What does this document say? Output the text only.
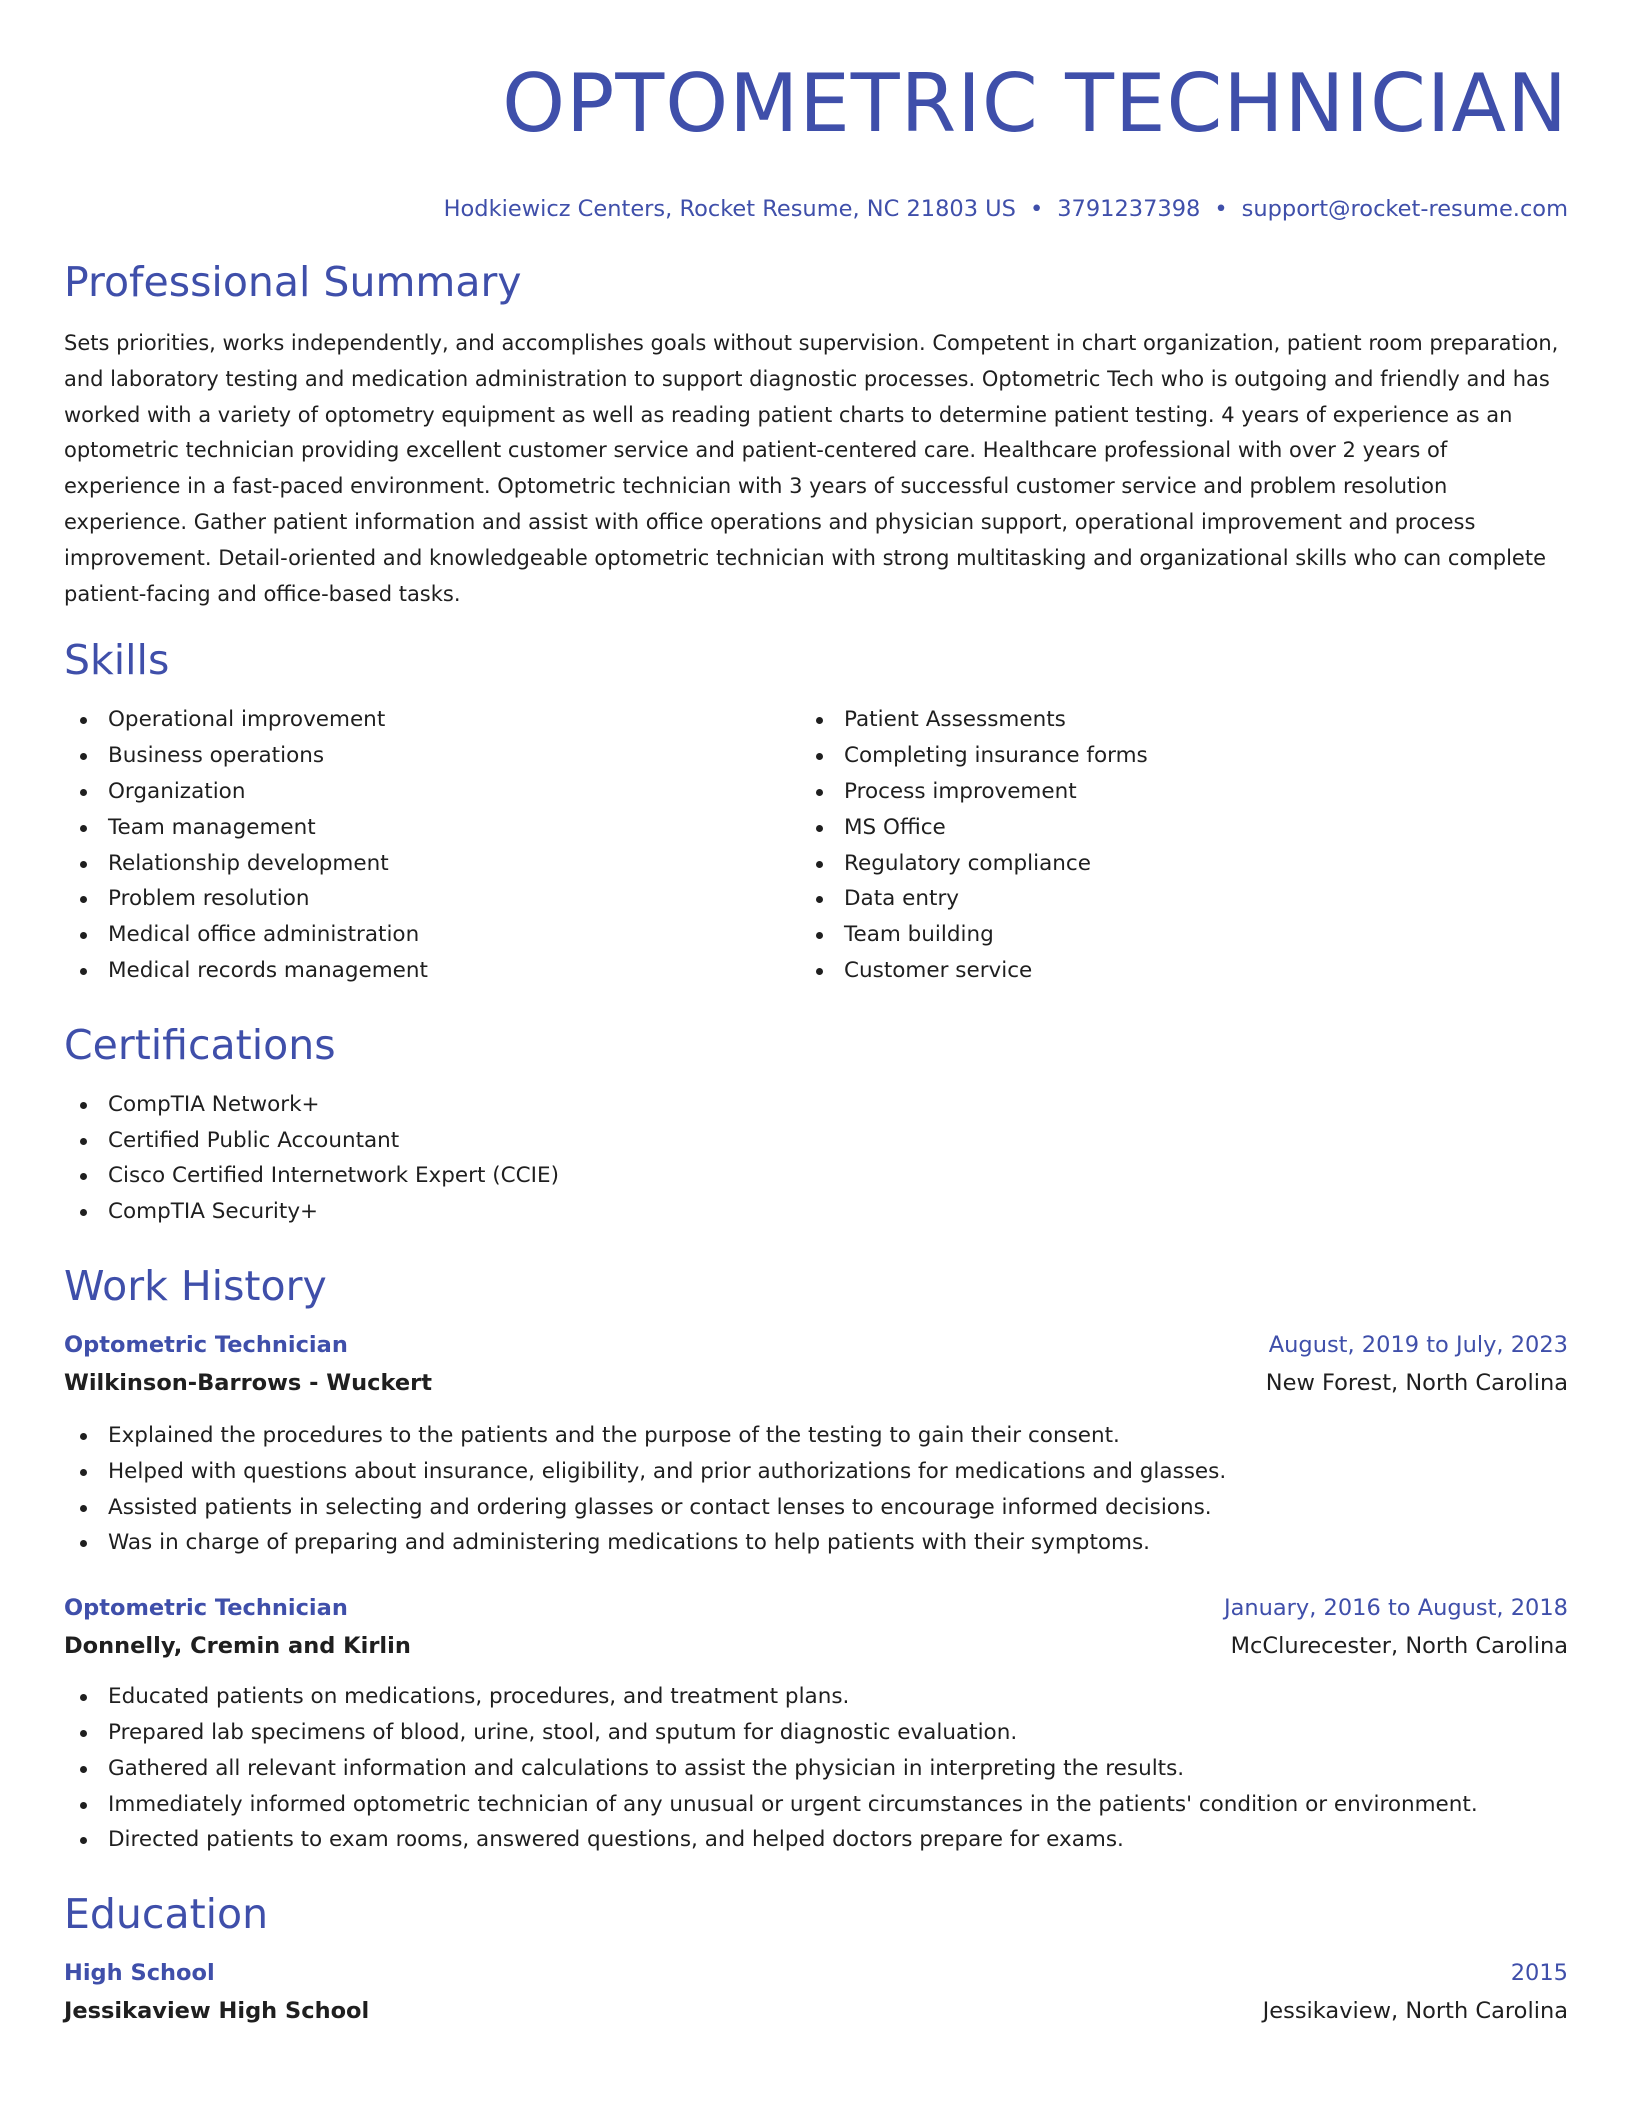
OPTOMETRIC TECHNICIAN
Hodkiewicz Centers, Rocket Resume, NC 21803 US • 3791237398 • support@rocket-resume.com
Professional Summary

Sets priorities, works independently, and accomplishes goals without supervision. Competent in chart organization, patient room preparation, and laboratory testing and medication administration to support diagnostic processes. Optometric Tech who is outgoing and friendly and has worked with a variety of optometry equipment as well as reading patient charts to determine patient testing. 4 years of experience as an optometric technician providing excellent customer service and patient-centered care. Healthcare professional with over 2 years of experience in a fast-paced environment. Optometric technician with 3 years of successful customer service and problem resolution experience. Gather patient information and assist with office operations and physician support, operational improvement and process improvement. Detail-oriented and knowledgeable optometric technician with strong multitasking and organizational skills who can complete patient-facing and office-based tasks.

Skills
Operational improvement
Business operations
Organization
Team management
Relationship development
Problem resolution
Medical office administration
Medical records management
Patient Assessments
Completing insurance forms
Process improvement
MS Office
Regulatory compliance
Data entry
Team building
Customer service
Certifications
CompTIA Network+
Certified Public Accountant
Cisco Certified Internetwork Expert (CCIE)
CompTIA Security+
Work History
Optometric Technician	August, 2019 to July, 2023
Wilkinson-Barrows - Wuckert	New Forest, North Carolina
Explained the procedures to the patients and the purpose of the testing to gain their consent.
Helped with questions about insurance, eligibility, and prior authorizations for medications and glasses.
Assisted patients in selecting and ordering glasses or contact lenses to encourage informed decisions.
Was in charge of preparing and administering medications to help patients with their symptoms.
Optometric Technician	January, 2016 to August, 2018
Donnelly, Cremin and Kirlin	McClurecester, North Carolina
Educated patients on medications, procedures, and treatment plans.
Prepared lab specimens of blood, urine, stool, and sputum for diagnostic evaluation.
Gathered all relevant information and calculations to assist the physician in interpreting the results.
Immediately informed optometric technician of any unusual or urgent circumstances in the patients' condition or environment.
Directed patients to exam rooms, answered questions, and helped doctors prepare for exams.
Education
High School	2015
Jessikaview High School	Jessikaview, North Carolina
